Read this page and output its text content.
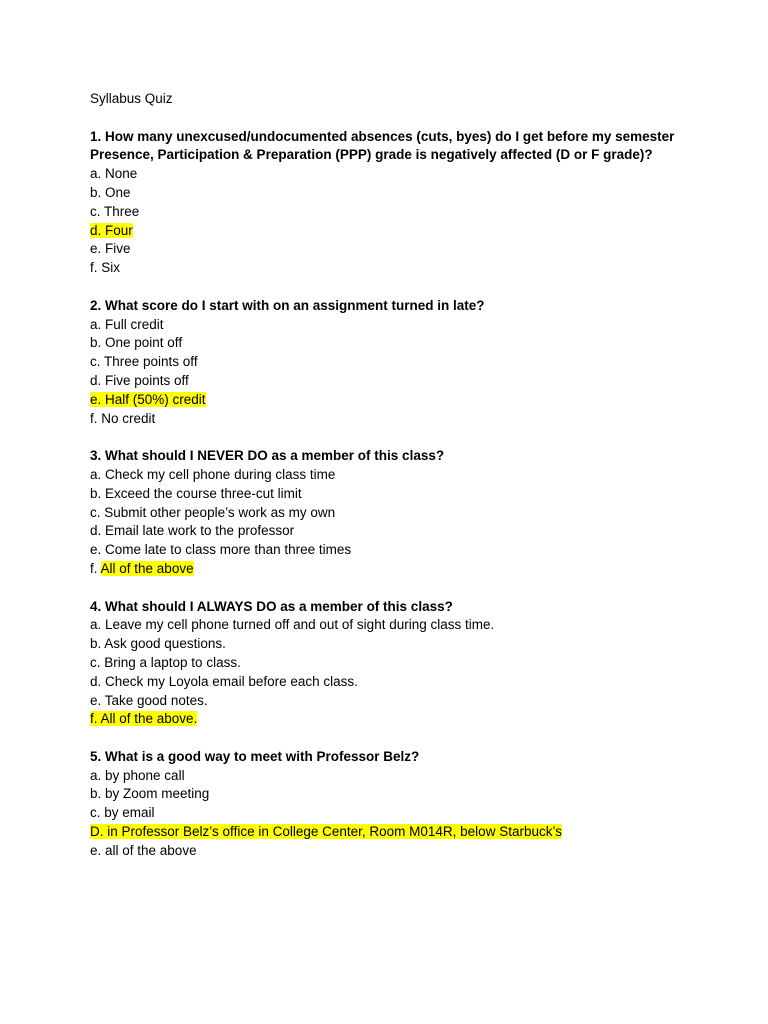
Syllabus Quiz

1. How many unexcused/undocumented absences (cuts, byes) do I get before my semester Presence, Participation & Preparation (PPP) grade is negatively affected (D or F grade)?

a. None

b. One

c. Three

d. Four

e. Five

f. Six

2. What score do I start with on an assignment turned in late?

a. Full credit

b. One point off

c. Three points off

d. Five points off

e. Half (50%) credit

f. No credit

3. What should I NEVER DO as a member of this class?

a. Check my cell phone during class time

b. Exceed the course three-cut limit

c. Submit other people’s work as my own

d. Email late work to the professor

e. Come late to class more than three times

f. All of the above

4. What should I ALWAYS DO as a member of this class?

a. Leave my cell phone turned off and out of sight during class time.

b. Ask good questions.

c. Bring a laptop to class.

d. Check my Loyola email before each class.

e. Take good notes.

f. All of the above.

5. What is a good way to meet with Professor Belz?

a. by phone call

b. by Zoom meeting

c. by email

D. in Professor Belz’s office in College Center, Room M014R, below Starbuck’s

e. all of the above
